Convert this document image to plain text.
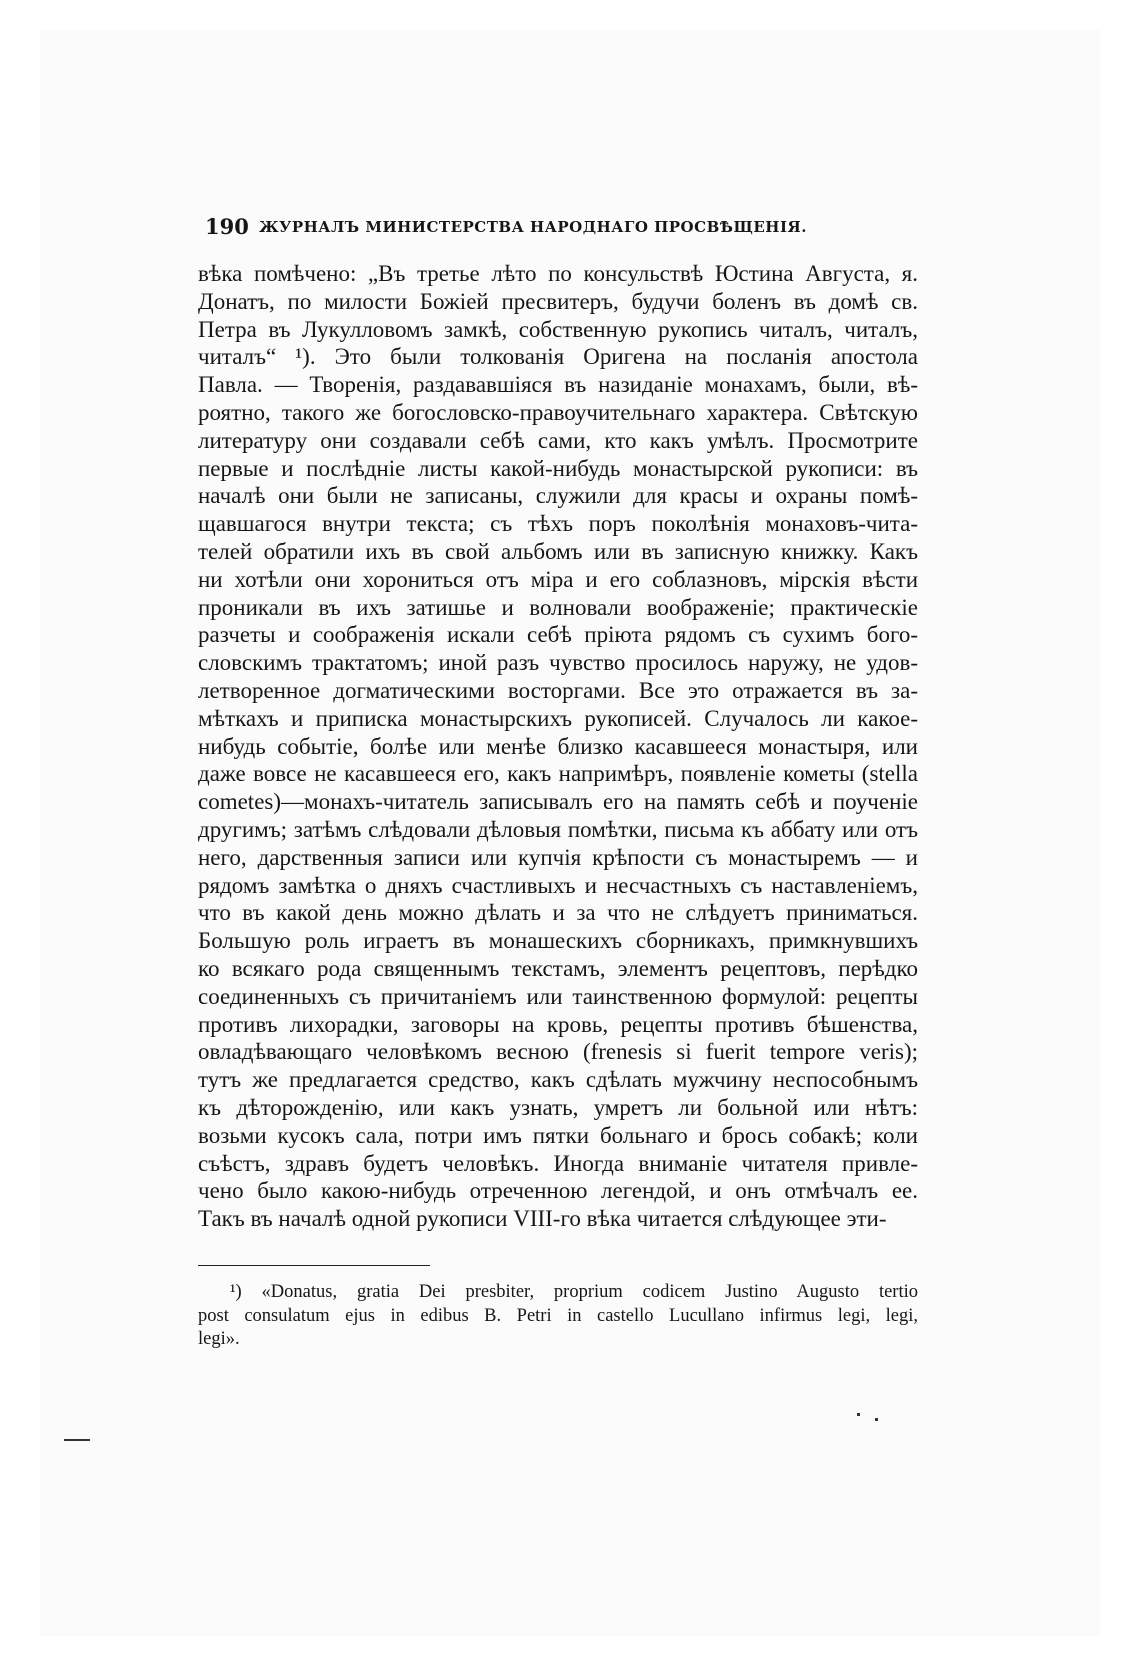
190 ЖУРНАЛЪ МИНИСТЕРСТВА НАРОДНАГО ПРОСВѢЩЕНІЯ.
вѣка помѣчено: „Въ третье лѣто по консульствѣ Юстина Августа, я.
Донатъ, по милости Божіей пресвитеръ, будучи боленъ въ домѣ св.
Петра въ Лукулловомъ замкѣ, собственную рукопись читалъ, читалъ,
читалъ“ ¹). Это были толкованія Оригена на посланія апостола
Павла. — Творенія, раздававшіяся въ назиданіе монахамъ, были, вѣ-
роятно, такого же богословско-правоучительнаго характера. Свѣтскую
литературу они создавали себѣ сами, кто какъ умѣлъ. Просмотрите
первые и послѣдніе листы какой-нибудь монастырской рукописи: въ
началѣ они были не записаны, служили для красы и охраны помѣ-
щавшагося внутри текста; съ тѣхъ поръ поколѣнія монаховъ-чита-
телей обратили ихъ въ свой альбомъ или въ записную книжку. Какъ
ни хотѣли они хорониться отъ міра и его соблазновъ, мірскія вѣсти
проникали въ ихъ затишье и волновали воображеніе; практическіе
разчеты и соображенія искали себѣ пріюта рядомъ съ сухимъ бого-
словскимъ трактатомъ; иной разъ чувство просилось наружу, не удов-
летворенное догматическими восторгами. Все это отражается въ за-
мѣткахъ и приписка монастырскихъ рукописей. Случалось ли какое-
нибудь событіе, болѣе или менѣе близко касавшееся монастыря, или
даже вовсе не касавшееся его, какъ напримѣръ, появленіе кометы (stella
cometes)—монахъ-читатель записывалъ его на память себѣ и поученіе
другимъ; затѣмъ слѣдовали дѣловыя помѣтки, письма къ аббату или отъ
него, дарственныя записи или купчія крѣпости съ монастыремъ — и
рядомъ замѣтка о дняхъ счастливыхъ и несчастныхъ съ наставленіемъ,
что въ какой день можно дѣлать и за что не слѣдуетъ приниматься.
Большую роль играетъ въ монашескихъ сборникахъ, примкнувшихъ
ко всякаго рода священнымъ текстамъ, элементъ рецептовъ, перѣдко
соединенныхъ съ причитаніемъ или таинственною формулой: рецепты
противъ лихорадки, заговоры на кровь, рецепты противъ бѣшенства,
овладѣвающаго человѣкомъ весною (frenesis si fuerit tempore veris);
тутъ же предлагается средство, какъ сдѣлать мужчину неспособнымъ
къ дѣторожденію, или какъ узнать, умретъ ли больной или нѣтъ:
возьми кусокъ сала, потри имъ пятки больнаго и брось собакѣ; коли
съѣстъ, здравъ будетъ человѣкъ. Иногда вниманіе читателя привле-
чено было какою-нибудь отреченною легендой, и онъ отмѣчалъ ее.
Такъ въ началѣ одной рукописи VIII-го вѣка читается слѣдующее эти-
¹) «Donatus, gratia Dei presbiter, proprium codicem Justino Augusto tertio
post consulatum ejus in edibus B. Petri in castello Lucullano infirmus legi, legi,
legi».
